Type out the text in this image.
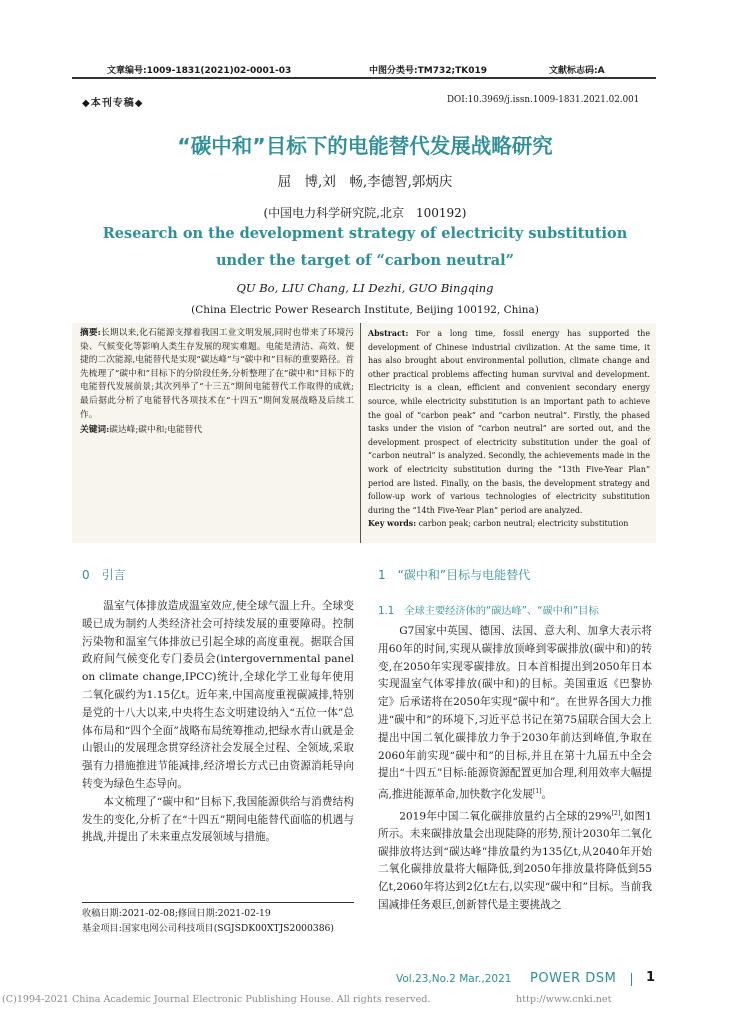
文章编号:1009-1831(2021)02-0001-03	中图分类号:TM732;TK019	文献标志码:A
◆本刊专稿◆	DOI:10.3969/j.issn.1009-1831.2021.02.001
“碳中和”目标下的电能替代发展战略研究
屈　博,刘　畅,李德智,郭炳庆
(中国电力科学研究院,北京　100192)
Research on the development strategy of electricity substitution
under the target of “carbon neutral”
QU Bo, LIU Chang, LI Dezhi, GUO Bingqing
(China Electric Power Research Institute, Beijing 100192, China)

摘要:长期以来,化石能源支撑着我国工业文明发展,同时也带来了环境污染、气候变化等影响人类生存发展的现实难题。电能是清洁、高效、便捷的二次能源,电能替代是实现“碳达峰”与“碳中和”目标的重要路径。首先梳理了“碳中和”目标下的分阶段任务,分析整理了在“碳中和”目标下的电能替代发展前景;其次列举了“十三五”期间电能替代工作取得的成就;最后据此分析了电能替代各项技术在“十四五”期间发展战略及后续工作。

关键词:碳达峰;碳中和;电能替代

Abstract: For a long time, fossil energy has supported the development of Chinese industrial civilization. At the same time, it has also brought about environmental pollution, climate change and other practical problems affecting human survival and development. Electricity is a clean, efficient and convenient secondary energy source, while electricity substitution is an important path to achieve the goal of “carbon peak” and “carbon neutral”. Firstly, the phased tasks under the vision of “carbon neutral” are sorted out, and the development prospect of electricity substitution under the goal of “carbon neutral” is analyzed. Secondly, the achievements made in the work of electricity substitution during the “13th Five-Year Plan” period are listed. Finally, on the basis, the development strategy and follow-up work of various technologies of electricity substitution during the “14th Five-Year Plan” period are analyzed.

Key words: carbon peak; carbon neutral; electricity substitution

0　引言

温室气体排放造成温室效应,使全球气温上升。全球变暖已成为制约人类经济社会可持续发展的重要障碍。控制污染物和温室气体排放已引起全球的高度重视。据联合国政府间气候变化专门委员会(intergovernmental panel on climate change,IPCC)统计,全球化学工业每年使用二氧化碳约为1.15亿t。近年来,中国高度重视碳减排,特别是党的十八大以来,中央将生态文明建设纳入“五位一体”总体布局和“四个全面”战略布局统筹推动,把绿水青山就是金山银山的发展理念贯穿经济社会发展全过程、全领域,采取强有力措施推进节能减排,经济增长方式已由资源消耗导向转变为绿色生态导向。

本文梳理了“碳中和”目标下,我国能源供给与消费结构发生的变化,分析了在“十四五”期间电能替代面临的机遇与挑战,并提出了未来重点发展领域与措施。

收稿日期:2021-02-08;修回日期:2021-02-19
基金项目:国家电网公司科技项目(SGJSDK00XTJS2000386)
1　“碳中和”目标与电能替代
1.1　全球主要经济体的“碳达峰”、“碳中和”目标

G7国家中英国、德国、法国、意大利、加拿大表示将用60年的时间,实现从碳排放顶峰到零碳排放(碳中和)的转变,在2050年实现零碳排放。日本首相提出到2050年日本实现温室气体零排放(碳中和)的目标。美国重返《巴黎协定》后承诺将在2050年实现“碳中和”。在世界各国大力推进“碳中和”的环境下,习近平总书记在第75届联合国大会上提出中国二氧化碳排放力争于2030年前达到峰值,争取在2060年前实现“碳中和”的目标,并且在第十九届五中全会提出“十四五”目标:能源资源配置更加合理,利用效率大幅提高,推进能源革命,加快数字化发展[1]。

2019年中国二氧化碳排放量约占全球的29%[2],如图1所示。未来碳排放量会出现陡降的形势,预计2030年二氧化碳排放将达到“碳达峰”排放量约为135亿t,从2040年开始二氧化碳排放量将大幅降低,到2050年排放量将降低到55亿t,2060年将达到2亿t左右,以实现“碳中和”目标。当前我国减排任务艰巨,创新替代是主要挑战之

Vol.23,No.2 Mar.,2021 POWER DSM 1
(C)1994-2021 China Academic Journal Electronic Publishing House. All rights reserved.	http://www.cnki.net
